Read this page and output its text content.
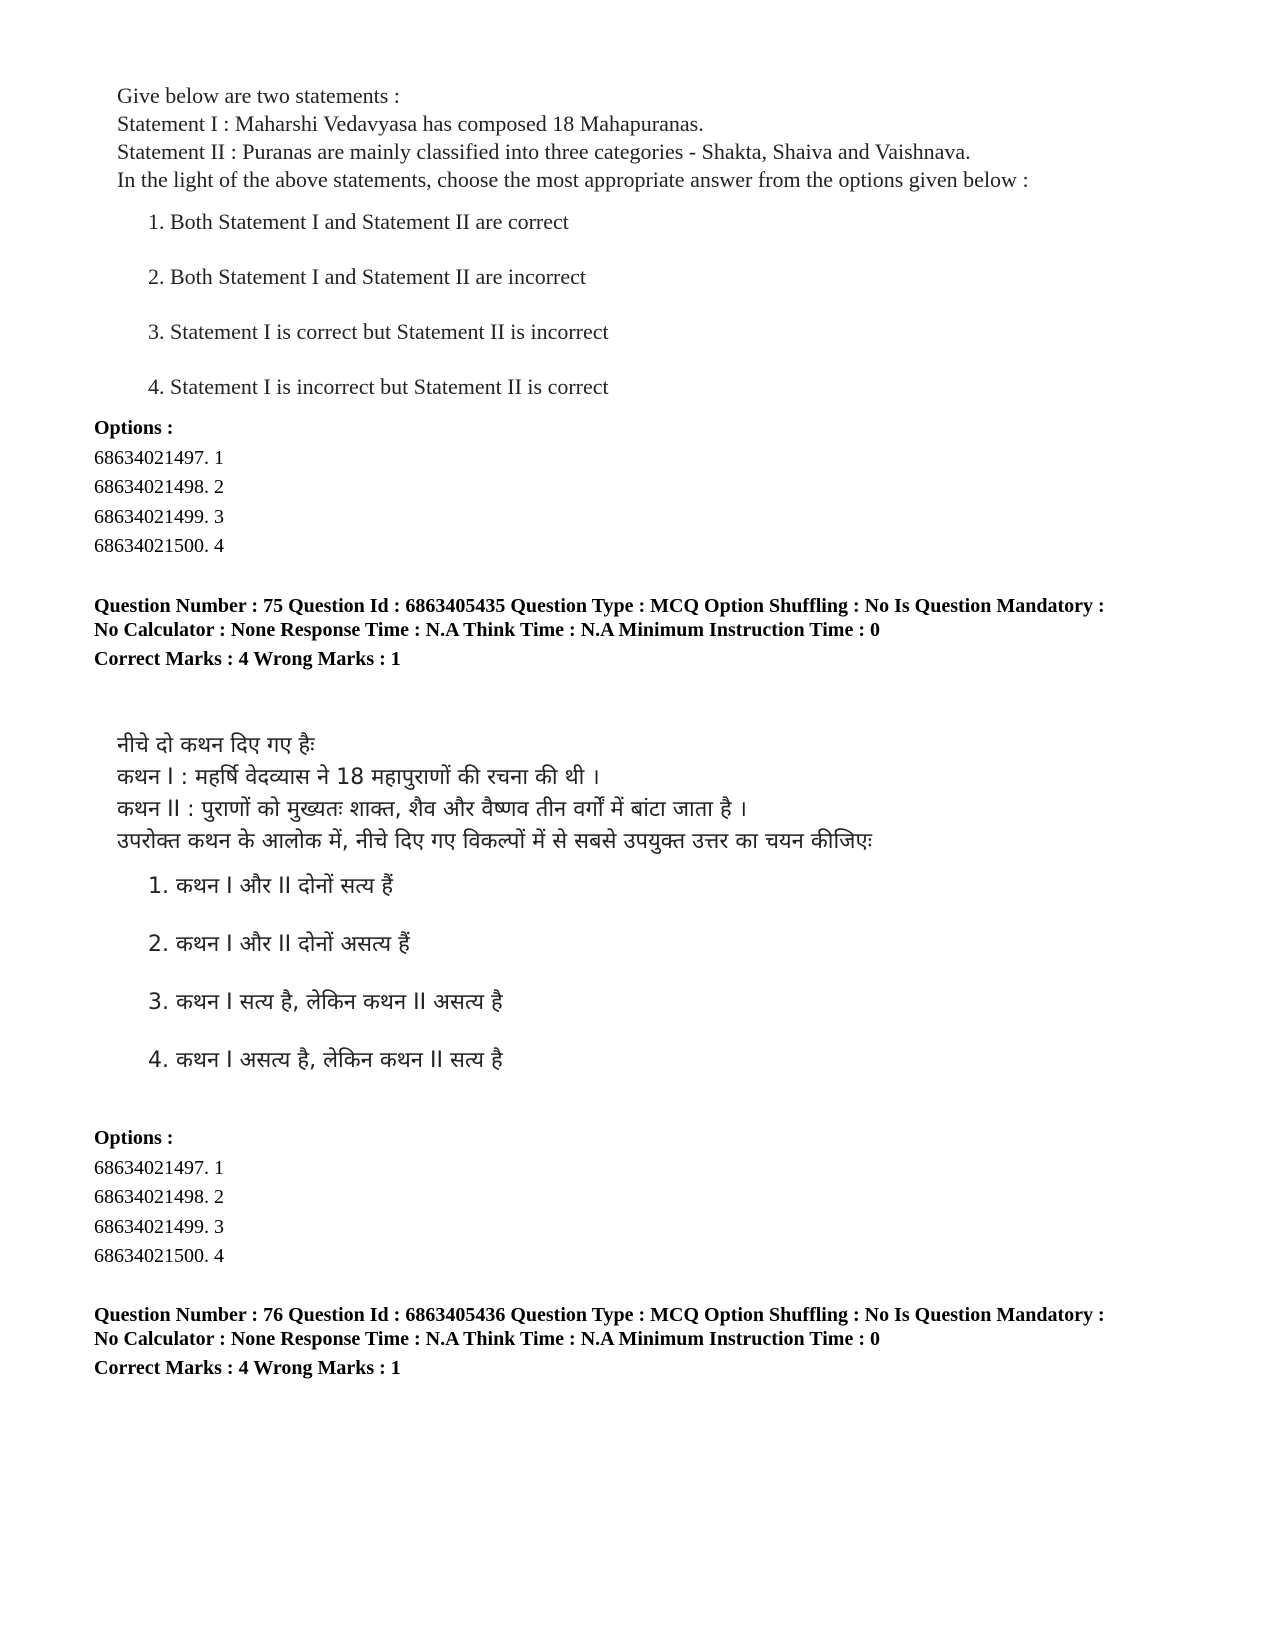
Give below are two statements :
Statement I : Maharshi Vedavyasa has composed 18 Mahapuranas.
Statement II : Puranas are mainly classified into three categories - Shakta, Shaiva and Vaishnava.
In the light of the above statements, choose the most appropriate answer from the options given below :
1. Both Statement I and Statement II are correct
2. Both Statement I and Statement II are incorrect
3. Statement I is correct but Statement II is incorrect
4. Statement I is incorrect but Statement II is correct
Options :
68634021497. 1
68634021498. 2
68634021499. 3
68634021500. 4
Question Number : 75 Question Id : 6863405435 Question Type : MCQ Option Shuffling : No Is Question Mandatory :
No Calculator : None Response Time : N.A Think Time : N.A Minimum Instruction Time : 0
Correct Marks : 4 Wrong Marks : 1
नीचे दो कथन दिए गए हैः
कथन I : महर्षि वेदव्यास ने 18 महापुराणों की रचना की थी ।
कथन II : पुराणों को मुख्यतः शाक्त, शैव और वैष्णव तीन वर्गों में बांटा जाता है ।
उपरोक्त कथन के आलोक में, नीचे दिए गए विकल्पों में से सबसे उपयुक्त उत्तर का चयन कीजिएः
1. कथन I और II दोनों सत्य हैं
2. कथन I और II दोनों असत्य हैं
3. कथन I सत्य है, लेकिन कथन II असत्य है
4. कथन I असत्य है, लेकिन कथन II सत्य है
Options :
68634021497. 1
68634021498. 2
68634021499. 3
68634021500. 4
Question Number : 76 Question Id : 6863405436 Question Type : MCQ Option Shuffling : No Is Question Mandatory :
No Calculator : None Response Time : N.A Think Time : N.A Minimum Instruction Time : 0
Correct Marks : 4 Wrong Marks : 1
